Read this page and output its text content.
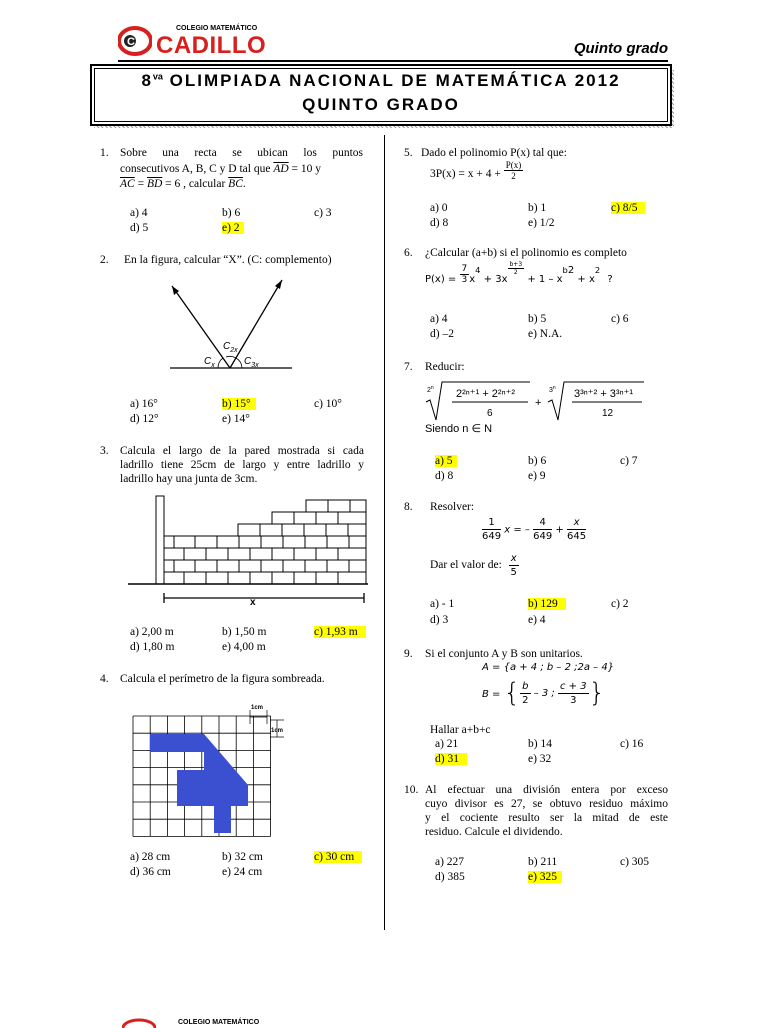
C
COLEGIO MATEMÁTICO
CADILLO	Quinto grado
$8^{va}$ OLIMPIADA NACIONAL DE MATEMÁTICA 2012
QUINTO GRADO
1. Sobre una recta se ubican los puntos
consecutivos A, B, C y D tal que $\overline{AD} = 10$ y
$\overline{AC} = \overline{BD} = 6$ , calcular $\overline{BC}$.
a) 4	b) 6	c) 3
d) 5	e) 2
2. En la figura, calcular “X”. (C: complemento)
$C_{2x}$
$C_x$	$C_{3x}$
a) 16°	b) 15°	c) 10°
d) 12°	e) 14°
3. Calcula el largo de la pared mostrada si cada
ladrillo tiene 25cm de largo y entre ladrillo y
ladrillo hay una junta de 3cm.
x
a) 2,00 m	b) 1,50 m	c) 1,93 m
d) 1,80 m	e) 4,00 m
4. Calcula el perímetro de la figura sombreada.
1cm
1cm
a) 28 cm	b) 32 cm	c) 30 cm
d) 36 cm	e) 24 cm
5. Dado el polinomio P(x) tal que:
$3P(x) = x + 4 + \frac{P(x)}{2}$
a) 0	b) 1	c) 8/5
d) 8	e) 1/2
6. ¿Calcular (a+b) si el polinomio es completo
$P(x) = \frac{7}{3} x^4 + 3x$
$\frac{b+3}{2}$
+ $1 - x^{b2} + x^2$ ?
a) 4	b) 5	c) 6
d) –2	e) N.A.
7. Reducir:
2$^n$ 2²ⁿ⁺¹ + 2²ⁿ⁺²
6
+
$3^n$ 3³ⁿ⁺² + 3³ⁿ⁺¹
12
Siendo n ∈ N
a) 5	b) 6	c) 7
d) 8	e) 9
8. Resolver:
$\frac{1}{649}$ x = – $\frac{4}{649} + \frac{x}{645}$
Dar el valor de: $\frac{x}{5}$
a) - 1	b) 129	c) 2
d) 3	e) 4
9. Si el conjunto A y B son unitarios.
A = {a + 4 ; b – 2 ;2a – 4}
B = { $\frac{b}{2} - 3$ ; $\frac{c + 3}{3}$ }
Hallar a+b+c
a) 21	b) 14	c) 16
d) 31	e) 32
10. Al efectuar una división entera por exceso
cuyo divisor es 27, se obtuvo residuo máximo
y el cociente resulto ser la mitad de este
residuo. Calcule el dividendo.
a) 227	b) 211	c) 305
d) 385	e) 325
COLEGIO MATEMÁTICO
